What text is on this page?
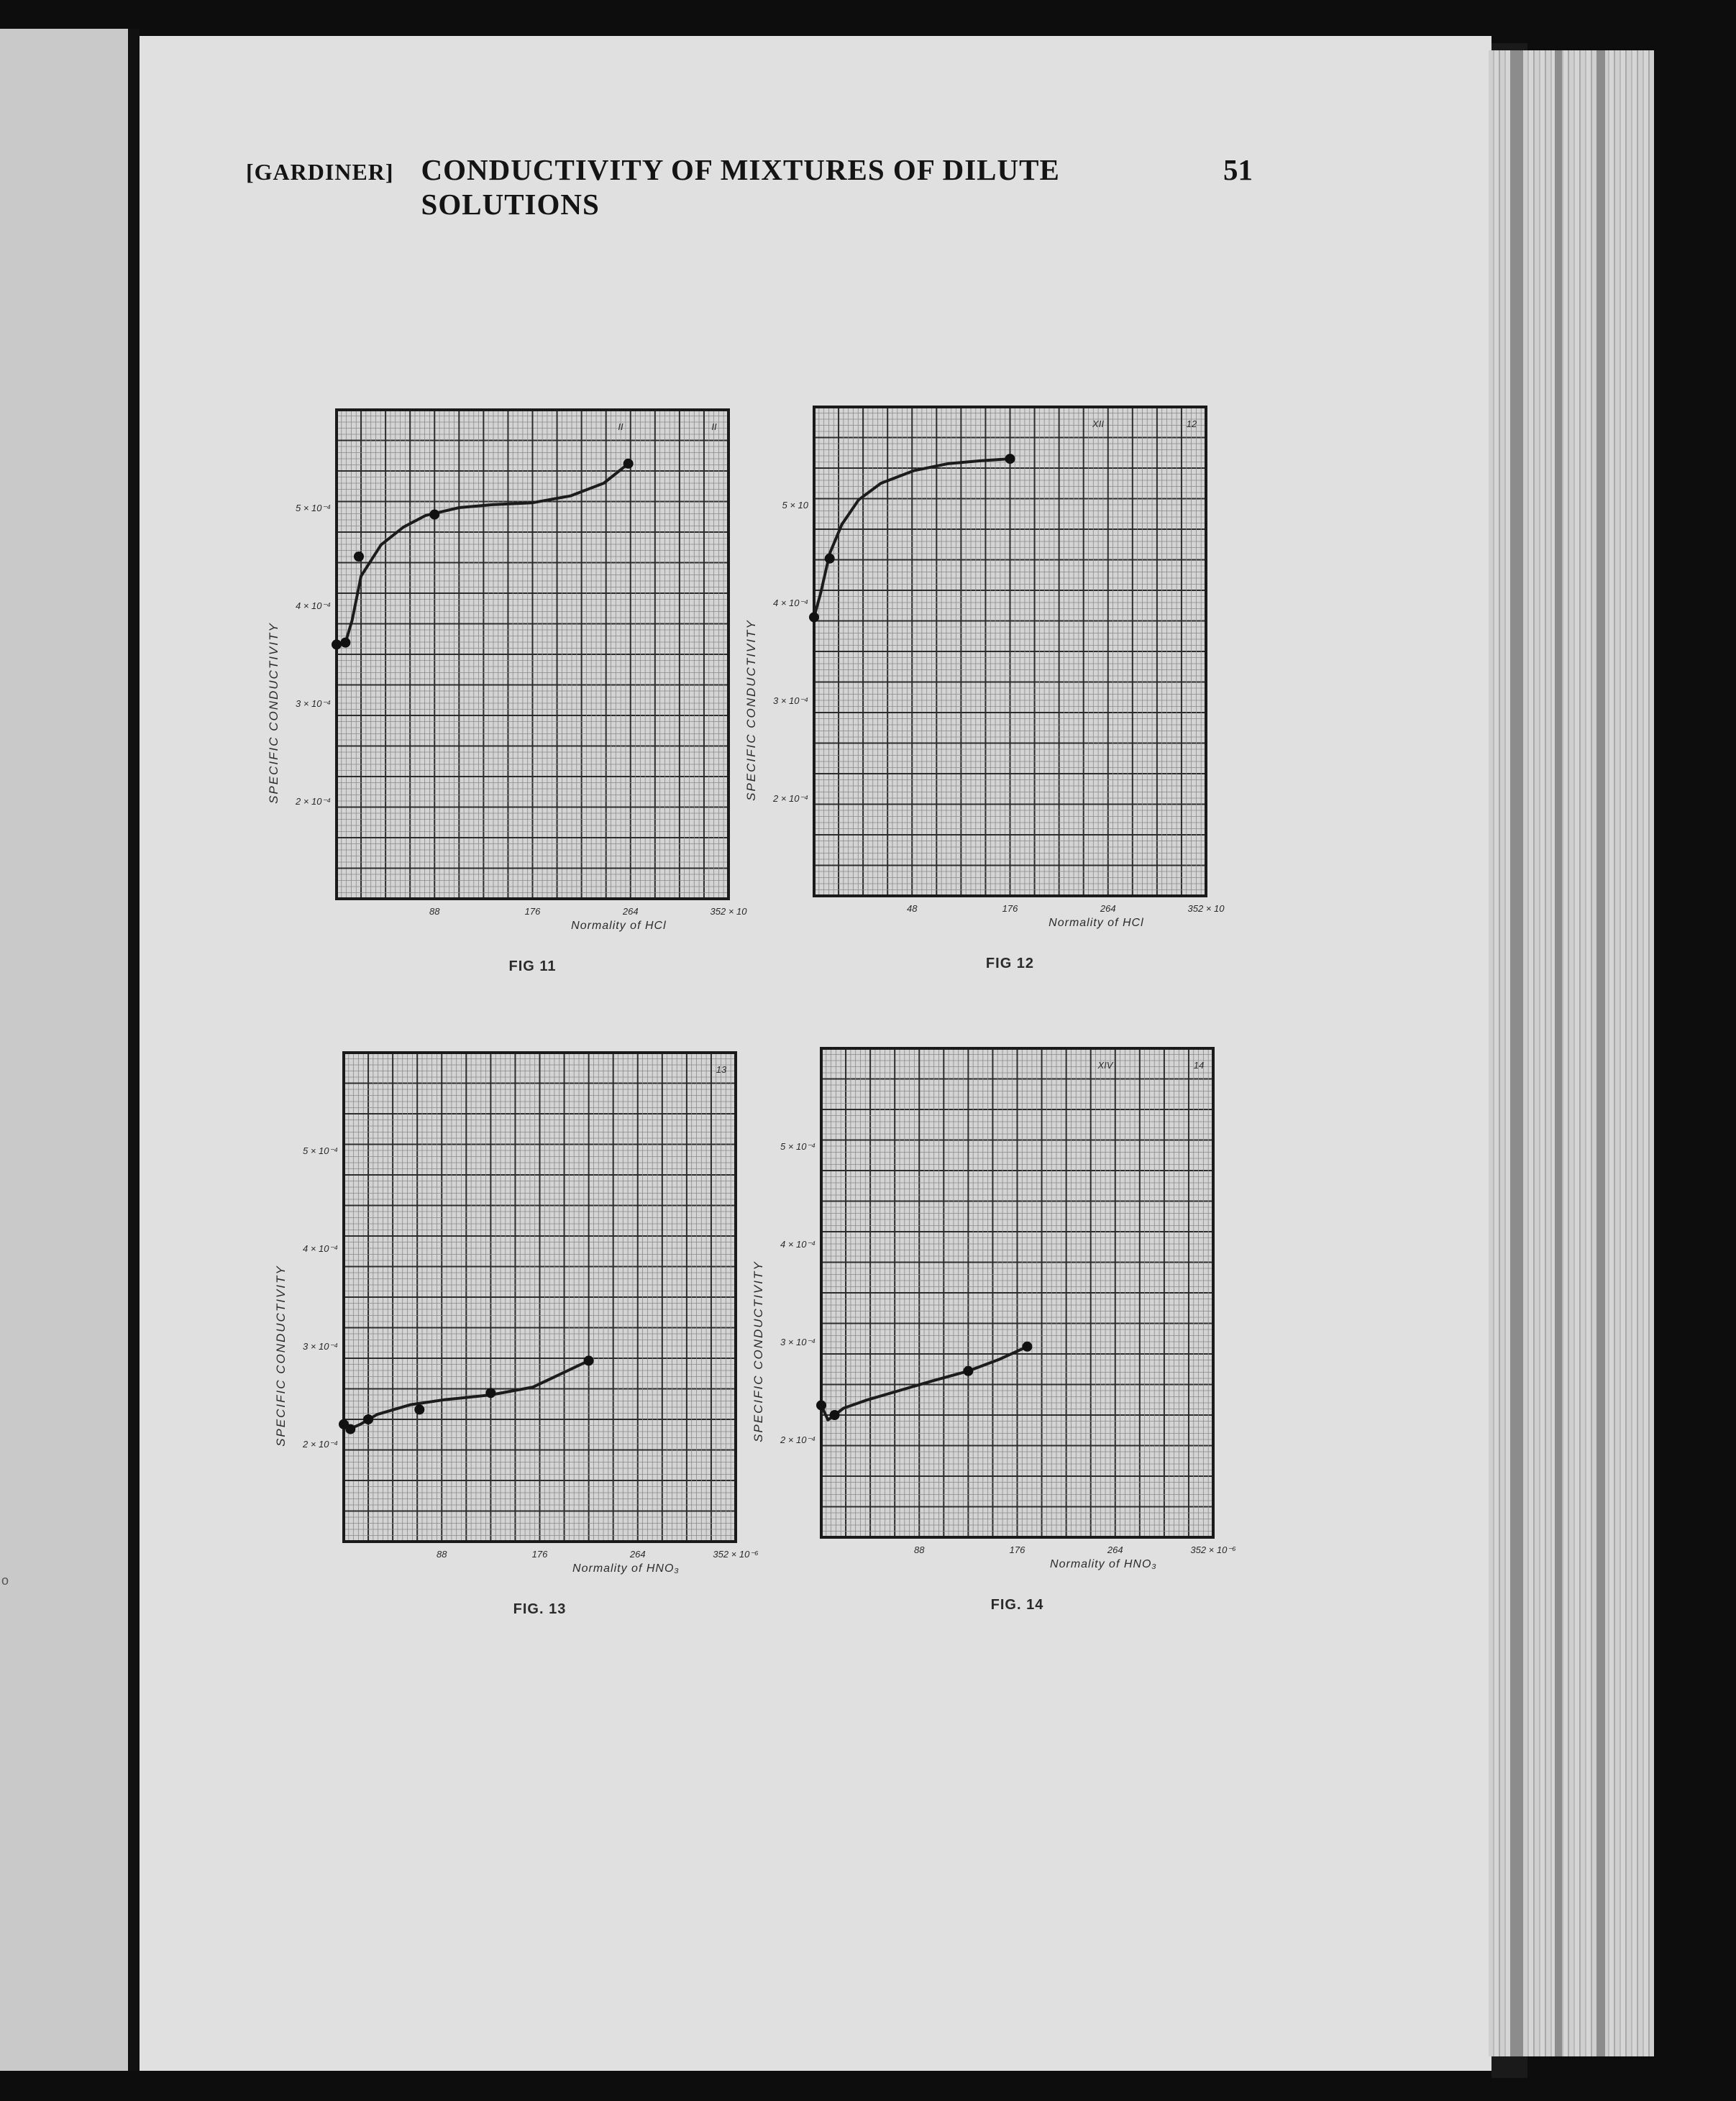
o
[GARDINER] CONDUCTIVITY OF MIXTURES OF DILUTE SOLUTIONS
51
II	II
2 × 10⁻⁴
3 × 10⁻⁴
4 × 10⁻⁴
5 × 10⁻⁴
88	176	264	352 × 10
Normality of HCl
SPECIFIC CONDUCTIVITY
FIG 11
XII	12
2 × 10⁻⁴
3 × 10⁻⁴
4 × 10⁻⁴
5 × 10
48	176	264	352 × 10
Normality of HCl
SPECIFIC CONDUCTIVITY
FIG 12
13
2 × 10⁻⁴
3 × 10⁻⁴
4 × 10⁻⁴
5 × 10⁻⁴
88	176	264	352 × 10⁻⁶
Normality of HNO₃
SPECIFIC CONDUCTIVITY
FIG. 13
XIV	14
2 × 10⁻⁴
3 × 10⁻⁴
4 × 10⁻⁴
5 × 10⁻⁴
88	176	264	352 × 10⁻⁶
Normality of HNO₃
SPECIFIC CONDUCTIVITY
FIG. 14
